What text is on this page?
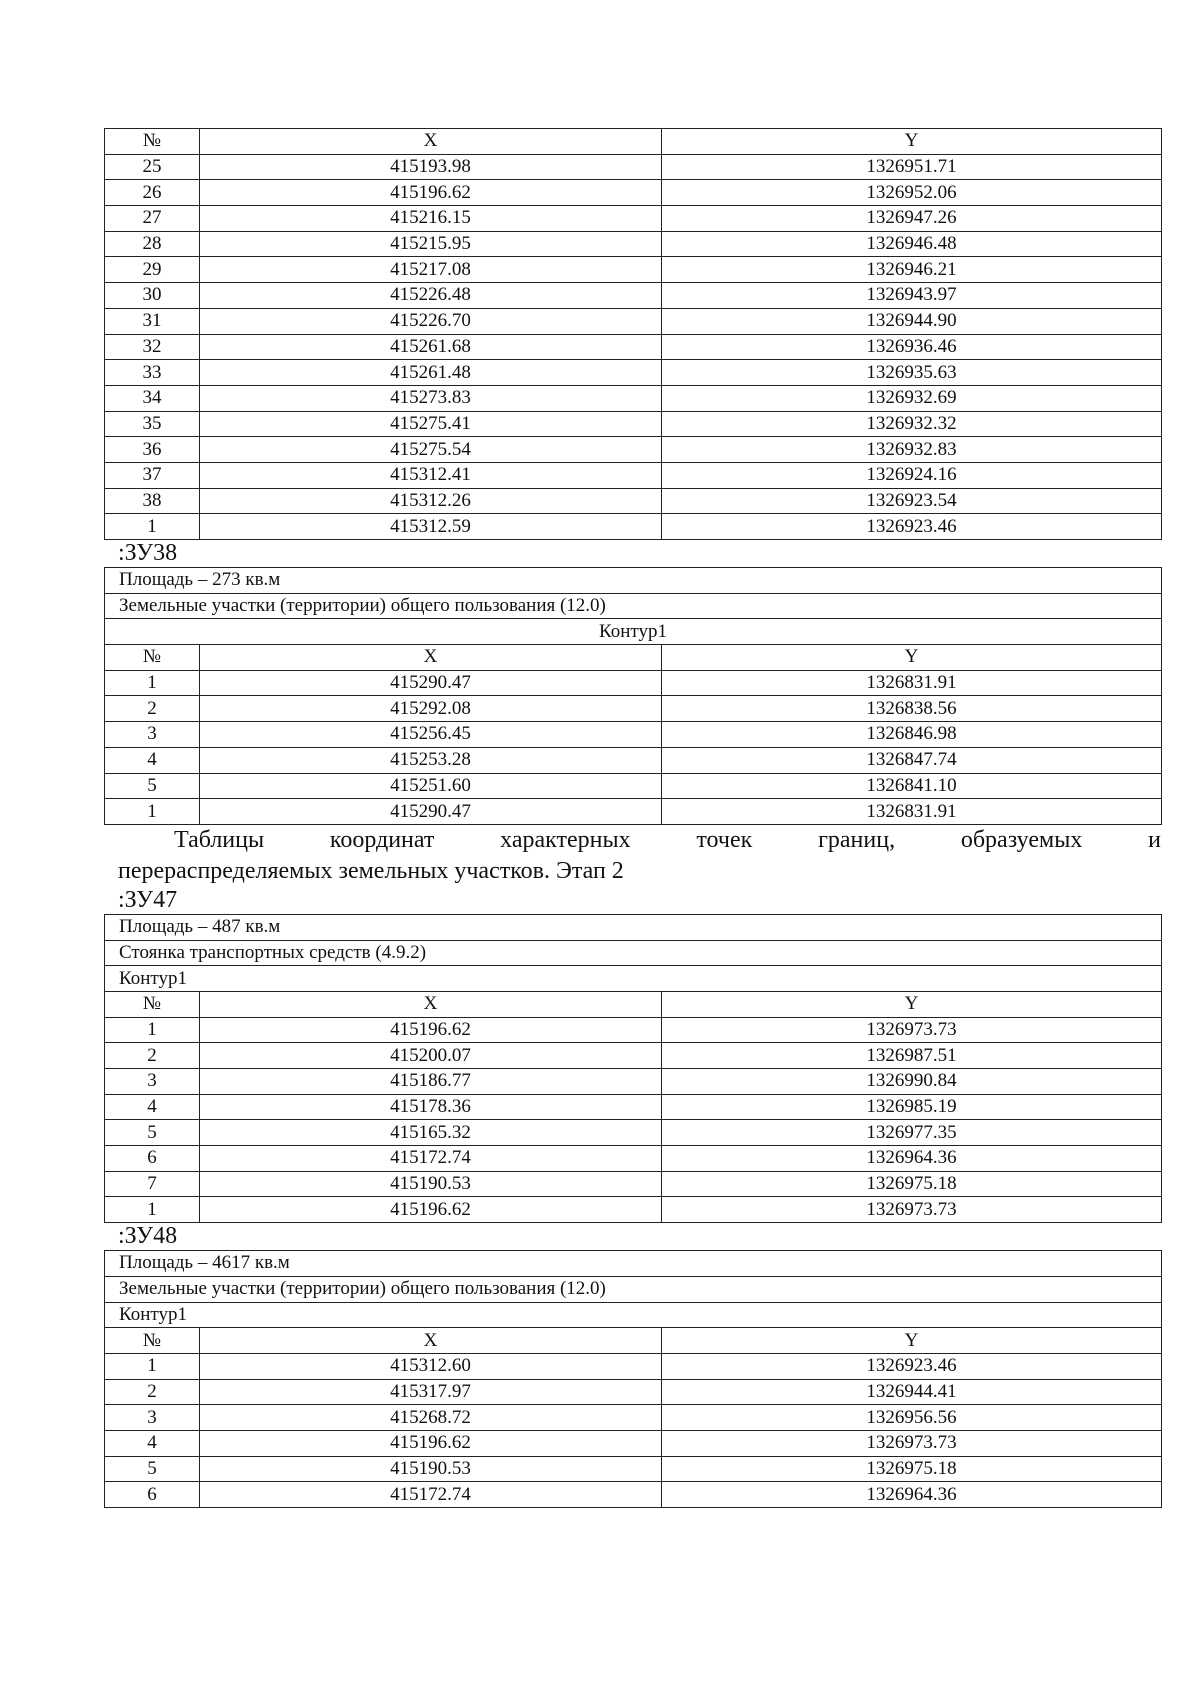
№	X	Y
25	415193.98	1326951.71
26	415196.62	1326952.06
27	415216.15	1326947.26
28	415215.95	1326946.48
29	415217.08	1326946.21
30	415226.48	1326943.97
31	415226.70	1326944.90
32	415261.68	1326936.46
33	415261.48	1326935.63
34	415273.83	1326932.69
35	415275.41	1326932.32
36	415275.54	1326932.83
37	415312.41	1326924.16
38	415312.26	1326923.54
1	415312.59	1326923.46
:ЗУ38
Площадь – 273 кв.м		
Земельные участки (территории) общего пользования (12.0)		
Контур1		
№	X	Y
1	415290.47	1326831.91
2	415292.08	1326838.56
3	415256.45	1326846.98
4	415253.28	1326847.74
5	415251.60	1326841.10
1	415290.47	1326831.91
Таблицы	координат	характерных	точек	границ,	образуемых	и
перераспределяемых земельных участков. Этап 2
:ЗУ47
Площадь – 487 кв.м		
Стоянка транспортных средств (4.9.2)		
Контур1		
№	X	Y
1	415196.62	1326973.73
2	415200.07	1326987.51
3	415186.77	1326990.84
4	415178.36	1326985.19
5	415165.32	1326977.35
6	415172.74	1326964.36
7	415190.53	1326975.18
1	415196.62	1326973.73
:ЗУ48
Площадь – 4617 кв.м		
Земельные участки (территории) общего пользования (12.0)		
Контур1		
№	X	Y
1	415312.60	1326923.46
2	415317.97	1326944.41
3	415268.72	1326956.56
4	415196.62	1326973.73
5	415190.53	1326975.18
6	415172.74	1326964.36
